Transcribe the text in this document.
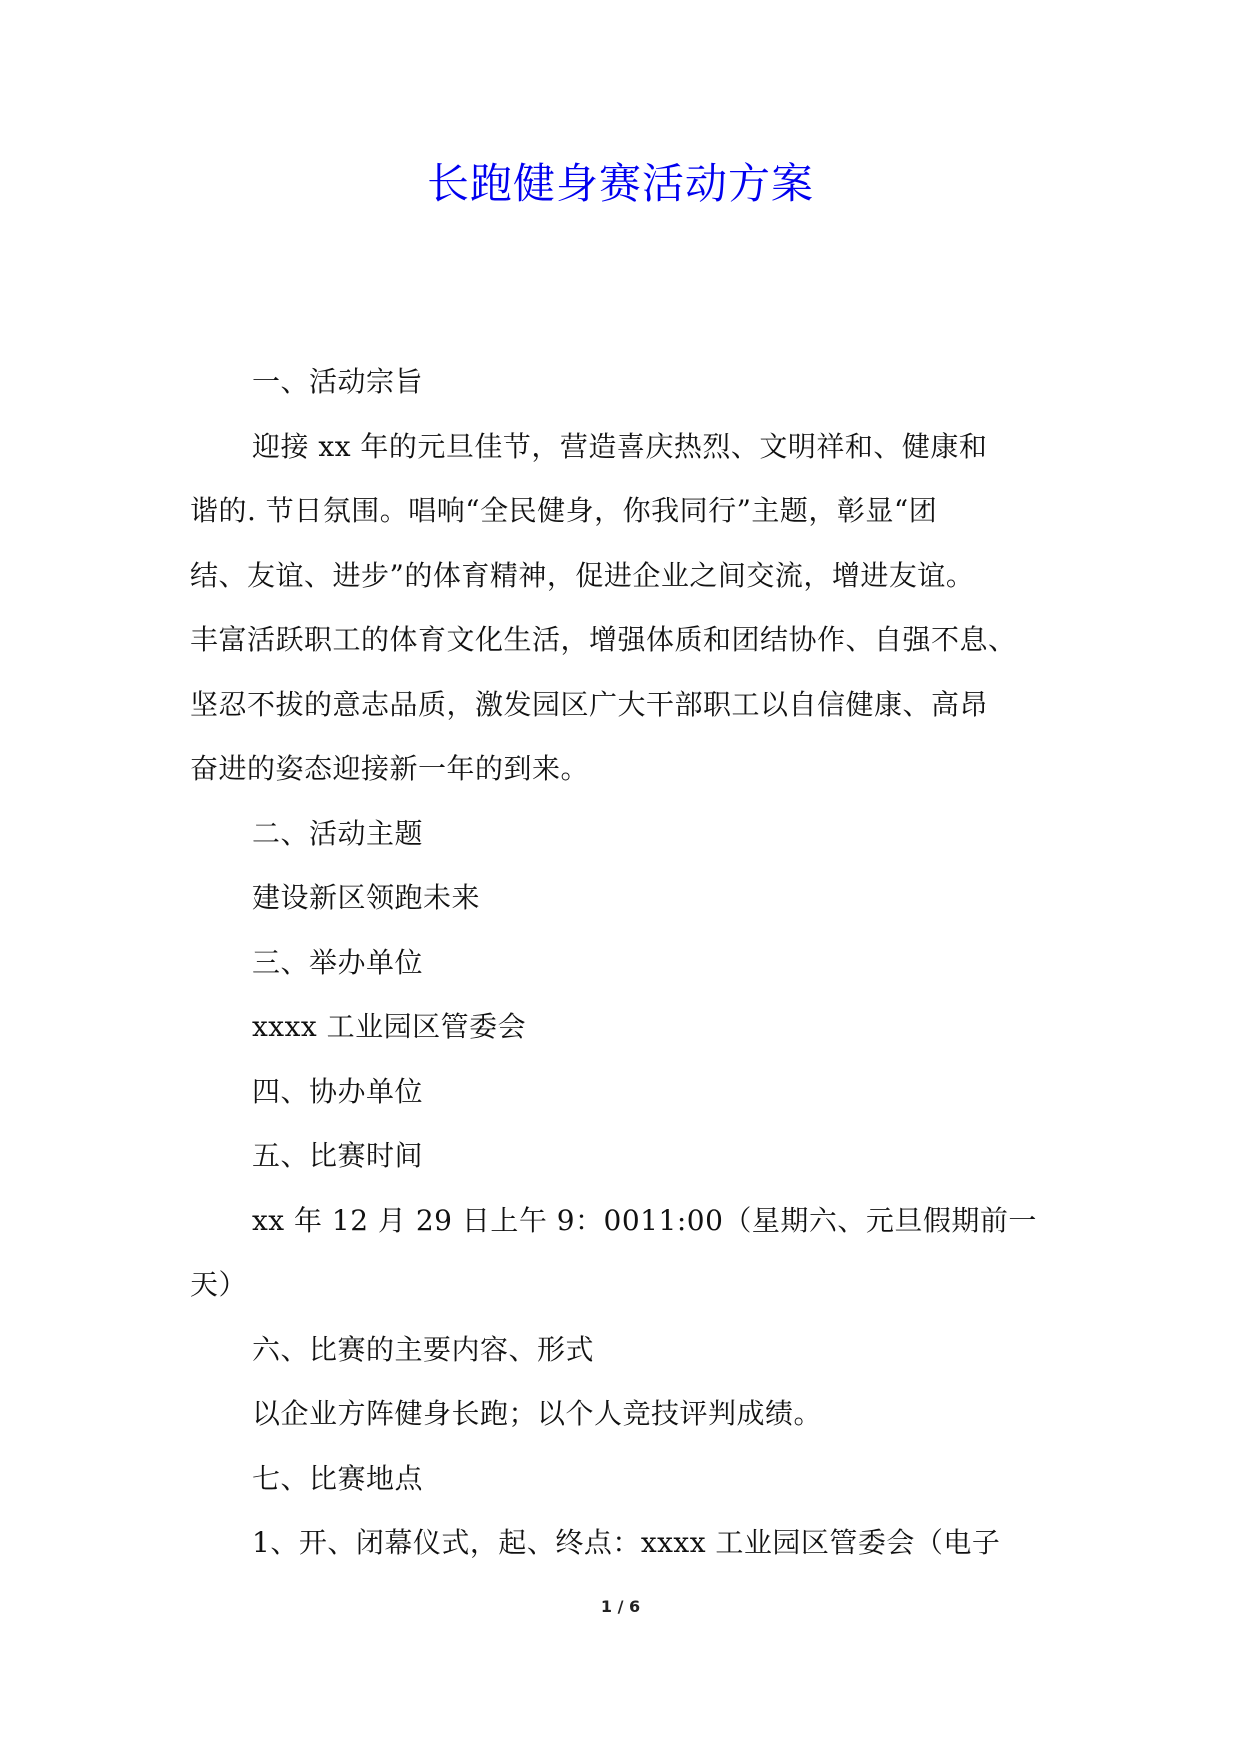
长跑健身赛活动方案
一、活动宗旨
迎接 xx 年的元旦佳节，营造喜庆热烈、文明祥和、健康和
谐的. 节日氛围。唱响“全民健身，你我同行”主题，彰显“团
结、友谊、进步”的体育精神，促进企业之间交流，增进友谊。
丰富活跃职工的体育文化生活，增强体质和团结协作、自强不息、
坚忍不拔的意志品质，激发园区广大干部职工以自信健康、高昂
奋进的姿态迎接新一年的到来。
二、活动主题
建设新区领跑未来
三、举办单位
xxxx 工业园区管委会
四、协办单位
五、比赛时间
xx 年 12 月 29 日上午 9：0011:00（星期六、元旦假期前一
天）
六、比赛的主要内容、形式
以企业方阵健身长跑；以个人竞技评判成绩。
七、比赛地点
1、开、闭幕仪式，起、终点：xxxx 工业园区管委会（电子
1 / 6
